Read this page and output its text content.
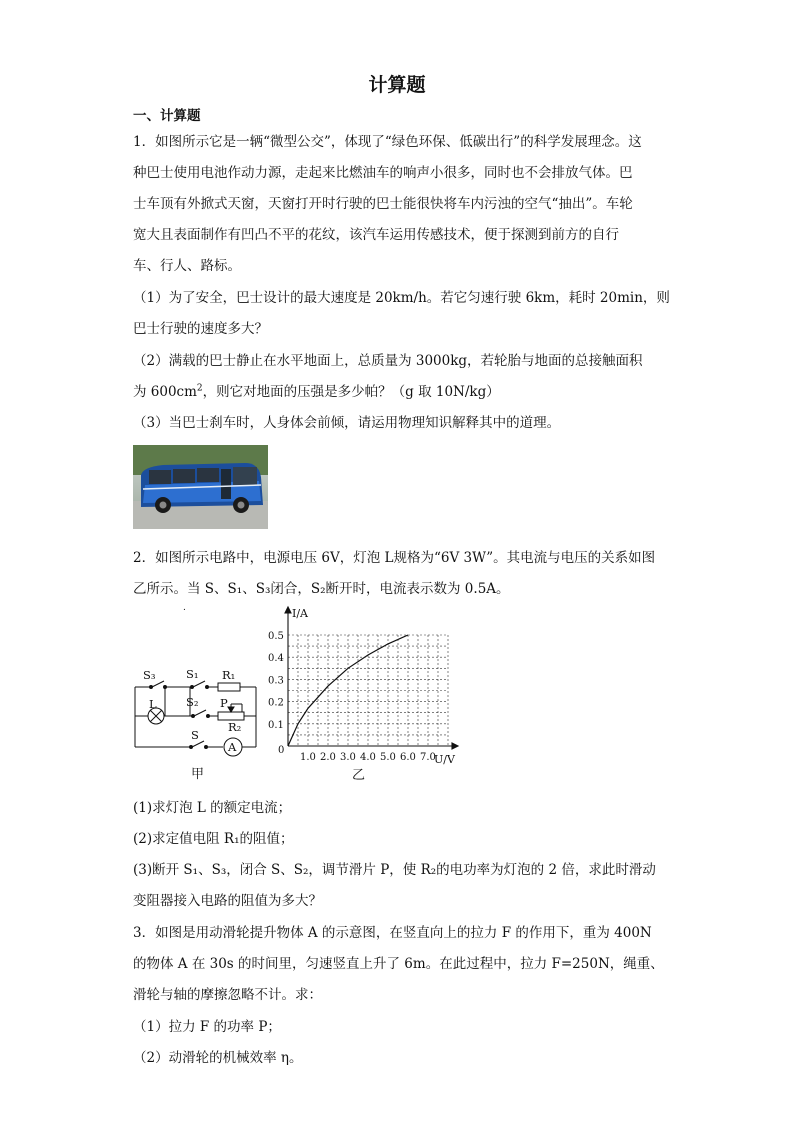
计算题
一、计算题
1．如图所示它是一辆“微型公交”，体现了“绿色环保、低碳出行”的科学发展理念。这
种巴士使用电池作动力源，走起来比燃油车的响声小很多，同时也不会排放气体。巴
士车顶有外掀式天窗，天窗打开时行驶的巴士能很快将车内污浊的空气“抽出”。车轮
宽大且表面制作有凹凸不平的花纹，该汽车运用传感技术，便于探测到前方的自行
车、行人、路标。
（1）为了安全，巴士设计的最大速度是 20km/h。若它匀速行驶 6km，耗时 20min，则
巴士行驶的速度多大？
（2）满载的巴士静止在水平地面上，总质量为 3000kg，若轮胎与地面的总接触面积
为 $600cm^2$，则它对地面的压强是多少帕？（g 取 10N/kg）
（3）当巴士刹车时，人身体会前倾，请运用物理知识解释其中的道理。
2．如图所示电路中，电源电压 6V，灯泡 L规格为“6V 3W”。其电流与电压的关系如图
乙所示。当 S、S₁、S₃闭合，S₂断开时，电流表示数为 0.5A。
S₃	S₁ R₁
L	S₂ P
R₂
S
A
甲
.
1.0 2.0 3.0 4.0 5.0 6.0 7.0
0.1
0.2
0.3
0.4
0.5
I/A
U/V
0
乙
(1)求灯泡 L 的额定电流；
(2)求定值电阻 R₁的阻值；
(3)断开 S₁、S₃，闭合 S、S₂，调节滑片 P，使 R₂的电功率为灯泡的 2 倍，求此时滑动
变阻器接入电路的阻值为多大？
3．如图是用动滑轮提升物体 A 的示意图，在竖直向上的拉力 F 的作用下，重为 400N
的物体 A 在 30s 的时间里，匀速竖直上升了 6m。在此过程中，拉力 F=250N，绳重、
滑轮与轴的摩擦忽略不计。求：
（1）拉力 F 的功率 P；
（2）动滑轮的机械效率 η。
